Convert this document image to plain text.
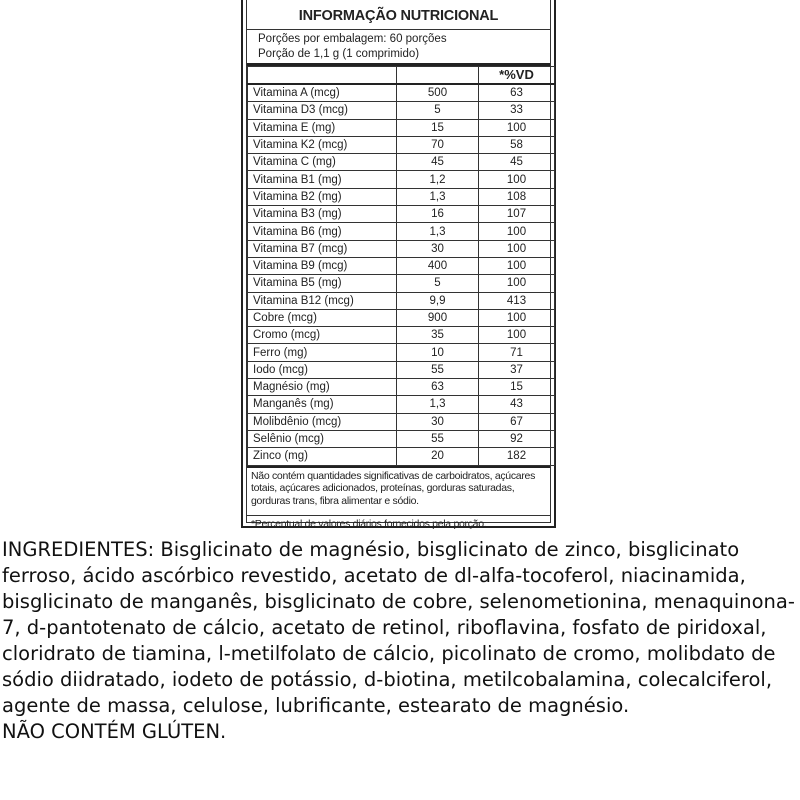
INFORMAÇÃO NUTRICIONAL
Porções por embalagem: 60 porções
Porção de 1,1 g (1 comprimido)
		*%VD
Vitamina A (mcg)	500	63
Vitamina D3 (mcg)	5	33
Vitamina E (mg)	15	100
Vitamina K2 (mcg)	70	58
Vitamina C (mg)	45	45
Vitamina B1 (mg)	1,2	100
Vitamina B2 (mg)	1,3	108
Vitamina B3 (mg)	16	107
Vitamina B6 (mg)	1,3	100
Vitamina B7 (mcg)	30	100
Vitamina B9 (mcg)	400	100
Vitamina B5 (mg)	5	100
Vitamina B12 (mcg)	9,9	413
Cobre (mcg)	900	100
Cromo (mcg)	35	100
Ferro (mg)	10	71
Iodo (mcg)	55	37
Magnésio (mg)	63	15
Manganês (mg)	1,3	43
Molibdênio (mcg)	30	67
Selênio (mcg)	55	92
Zinco (mg)	20	182
Não contém quantidades significativas de carboidratos, açúcares totais, açúcares adicionados, proteínas, gorduras saturadas, gorduras trans, fibra alimentar e sódio.
*Percentual de valores diários fornecidos pela porção.

INGREDIENTES: Bisglicinato de magnésio, bisglicinato de zinco, bisglicinato ferroso, ácido ascórbico revestido, acetato de dl-alfa-tocoferol, niacinamida, bisglicinato de manganês, bisglicinato de cobre, selenometionina, menaquinona-7, d-pantotenato de cálcio, acetato de retinol, riboflavina, fosfato de piridoxal, cloridrato de tiamina, l-metilfolato de cálcio, picolinato de cromo, molibdato de sódio diidratado, iodeto de potássio, d-biotina, metilcobalamina, colecalciferol, agente de massa, celulose, lubrificante, estearato de magnésio.

NÃO CONTÉM GLÚTEN.
